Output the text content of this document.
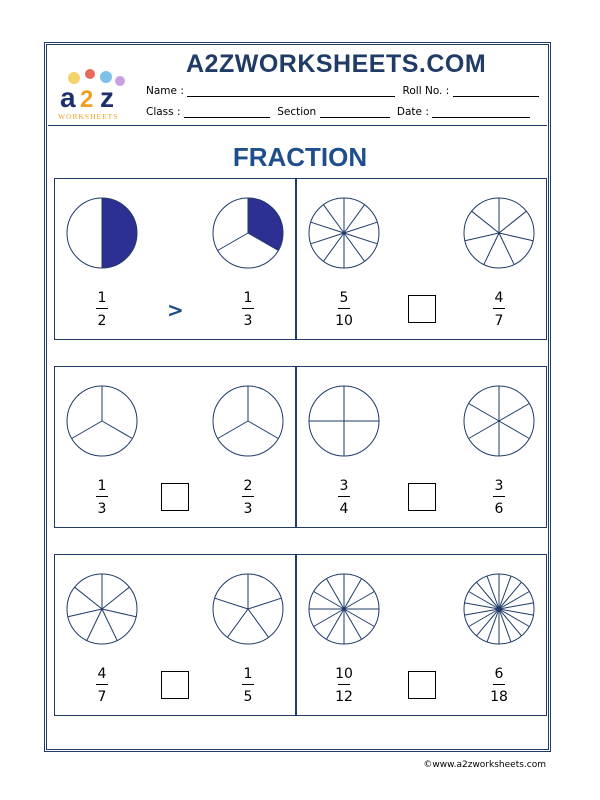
a 2 z
WORKSHEETS
A2ZWORKSHEETS.COM
Name :	Roll No. :
Class :	Section	Date :
FRACTION
1
2
1
3
>	5
10
4
7
1
3
2
3
3
4
3
6
4
7
1
5
10
12
6
18
©www.a2zworksheets.com
